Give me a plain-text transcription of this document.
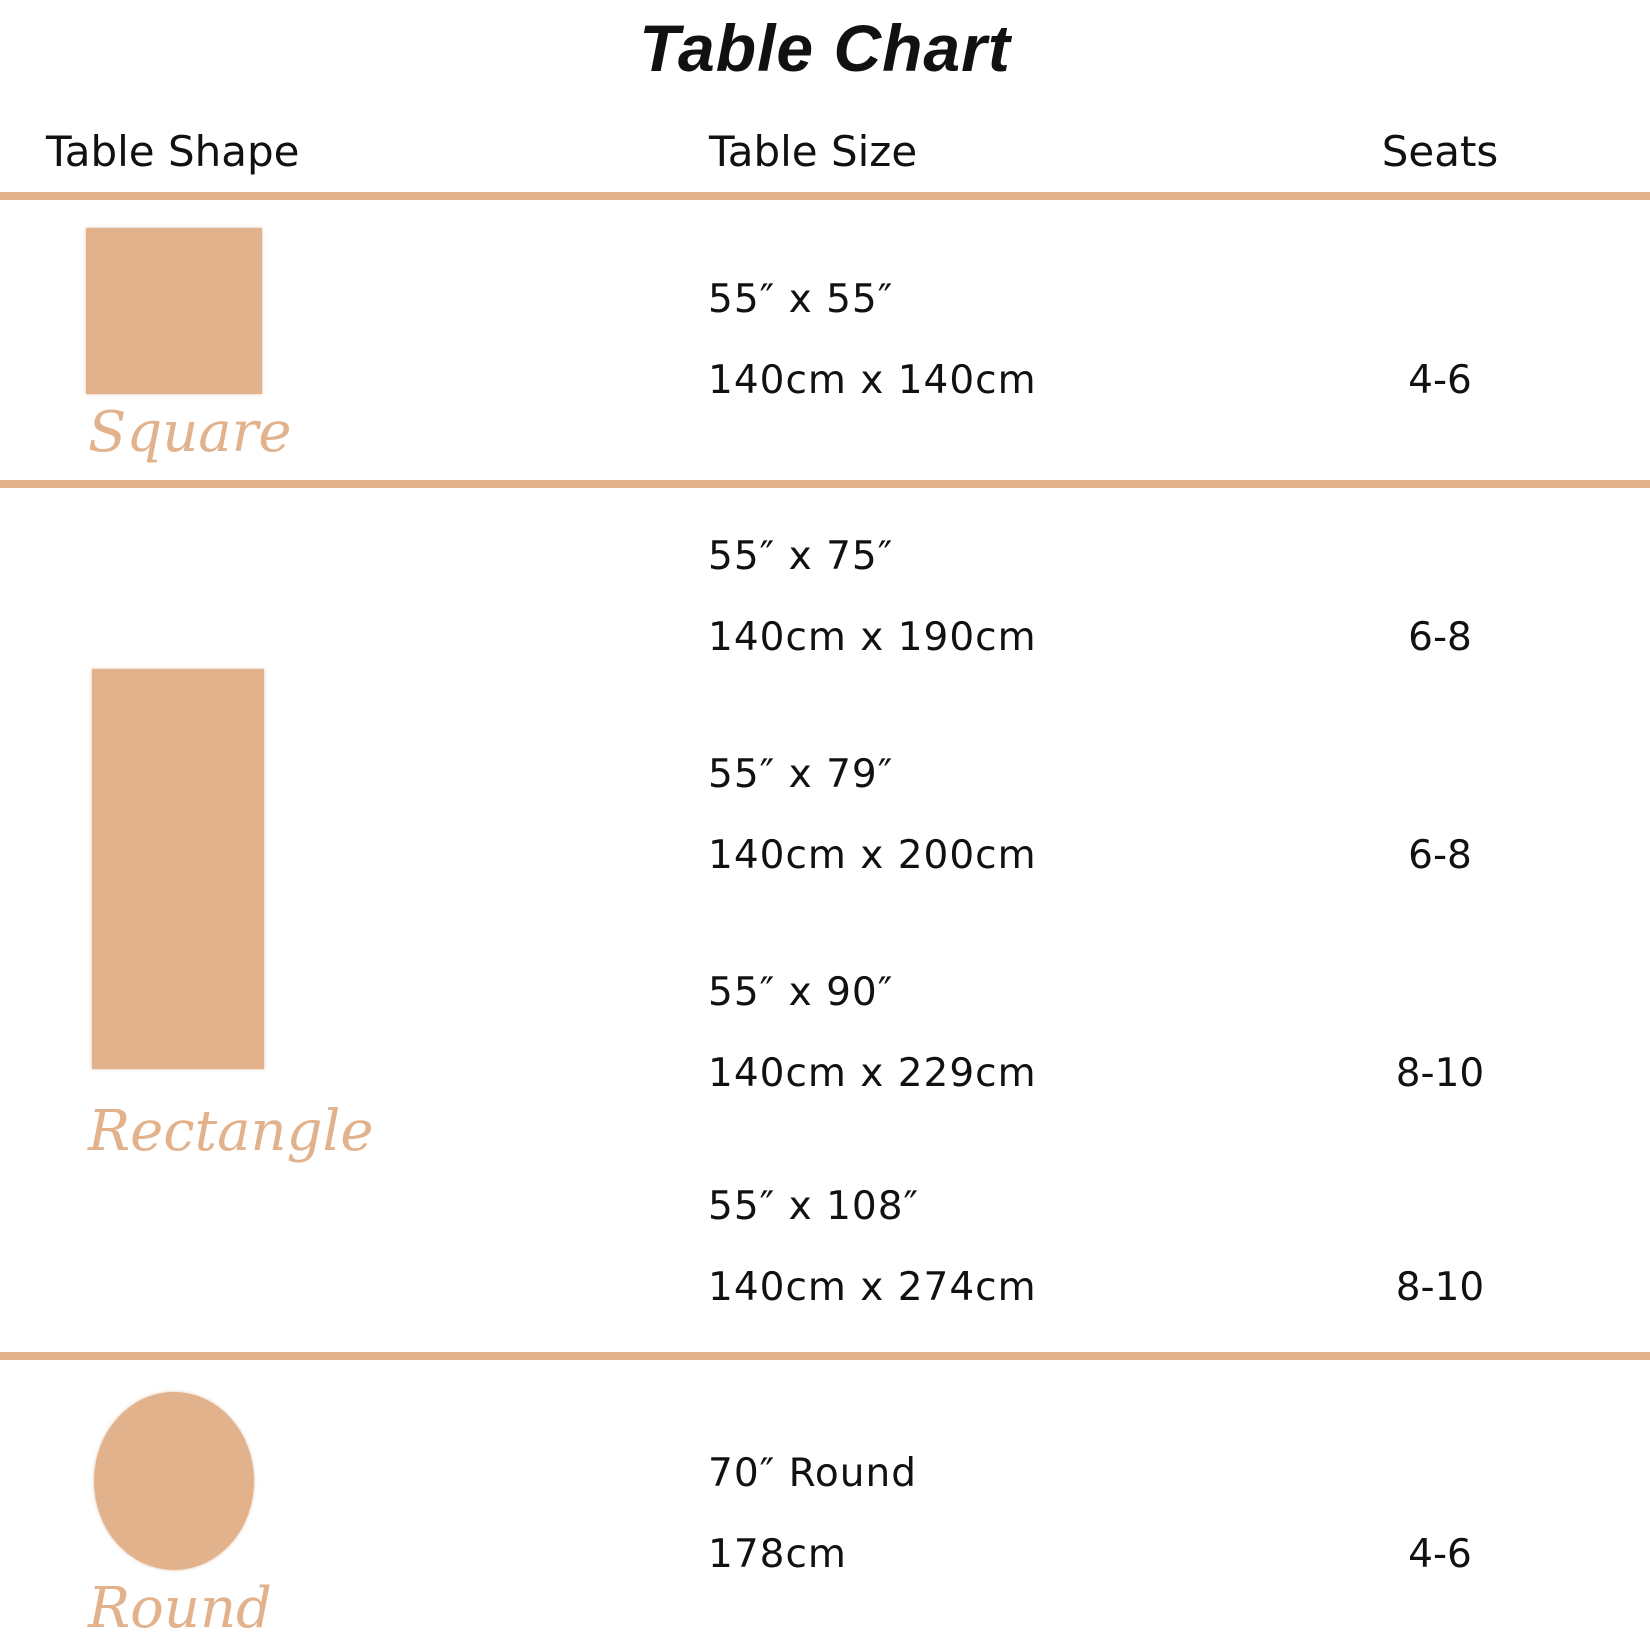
Table Chart
Table Shape	Table Size	Seats
Square
55″ x 55″
140cm x 140cm	4-6
Rectangle
55″ x 75″
140cm x 190cm	6-8
55″ x 79″
140cm x 200cm	6-8
55″ x 90″
140cm x 229cm	8-10
55″ x 108″
140cm x 274cm	8-10
Round
70″ Round
178cm	4-6
